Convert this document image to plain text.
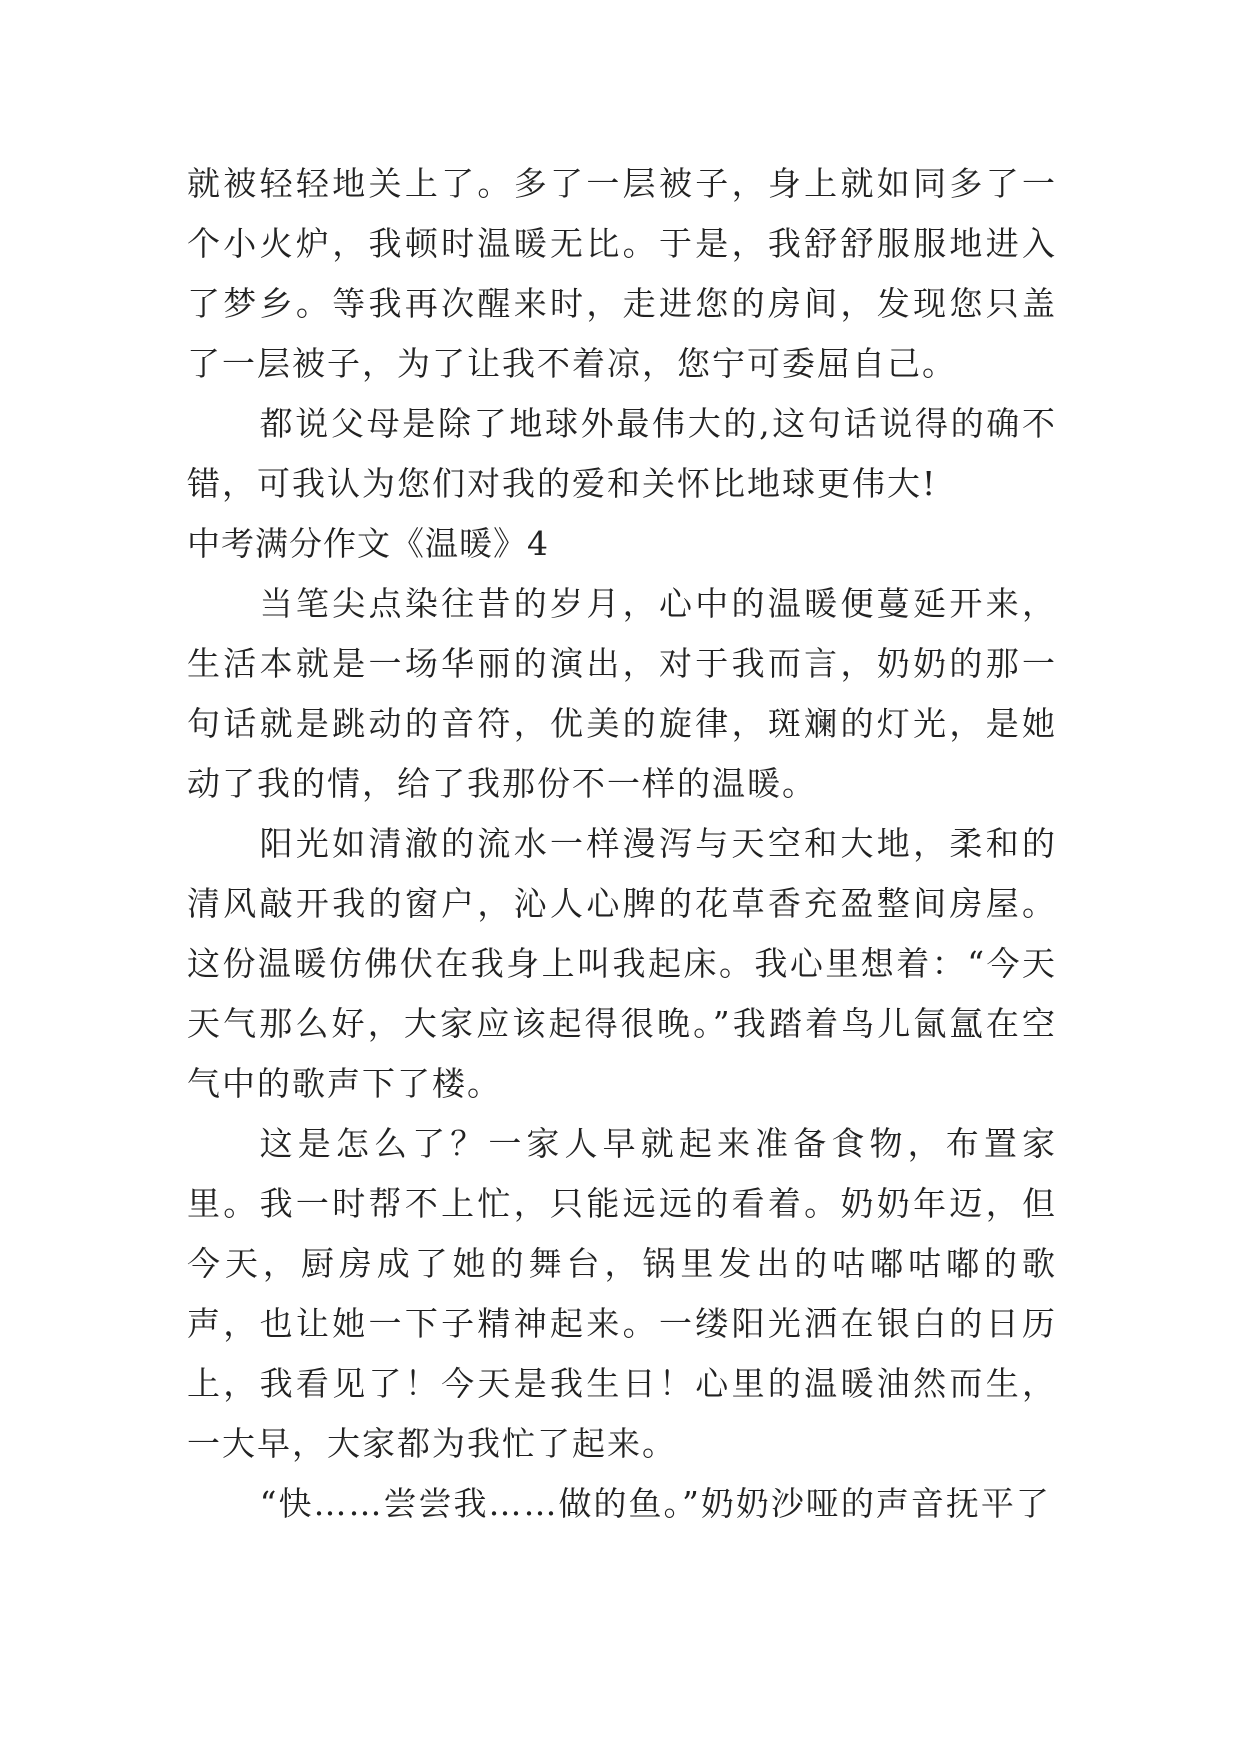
就被轻轻地关上了。多了一层被子，身上就如同多了一个小火炉，我顿时温暖无比。于是，我舒舒服服地进入了梦乡。等我再次醒来时，走进您的房间，发现您只盖了一层被子，为了让我不着凉，您宁可委屈自己。

都说父母是除了地球外最伟大的,这句话说得的确不错，可我认为您们对我的爱和关怀比地球更伟大!

中考满分作文《温暖》4

当笔尖点染往昔的岁月，心中的温暖便蔓延开来，生活本就是一场华丽的演出，对于我而言，奶奶的那一句话就是跳动的音符，优美的旋律，斑斓的灯光，是她动了我的情，给了我那份不一样的温暖。

阳光如清澈的流水一样漫泻与天空和大地，柔和的清风敲开我的窗户，沁人心脾的花草香充盈整间房屋。这份温暖仿佛伏在我身上叫我起床。我心里想着：“今天天气那么好，大家应该起得很晚。”我踏着鸟儿氤氲在空气中的歌声下了楼。

这是怎么了？一家人早就起来准备食物，布置家里。我一时帮不上忙，只能远远的看着。奶奶年迈，但今天，厨房成了她的舞台，锅里发出的咕嘟咕嘟的歌声，也让她一下子精神起来。一缕阳光洒在银白的日历上，我看见了！今天是我生日！心里的温暖油然而生，一大早，大家都为我忙了起来。

“快……尝尝我……做的鱼。”奶奶沙哑的声音抚平了
